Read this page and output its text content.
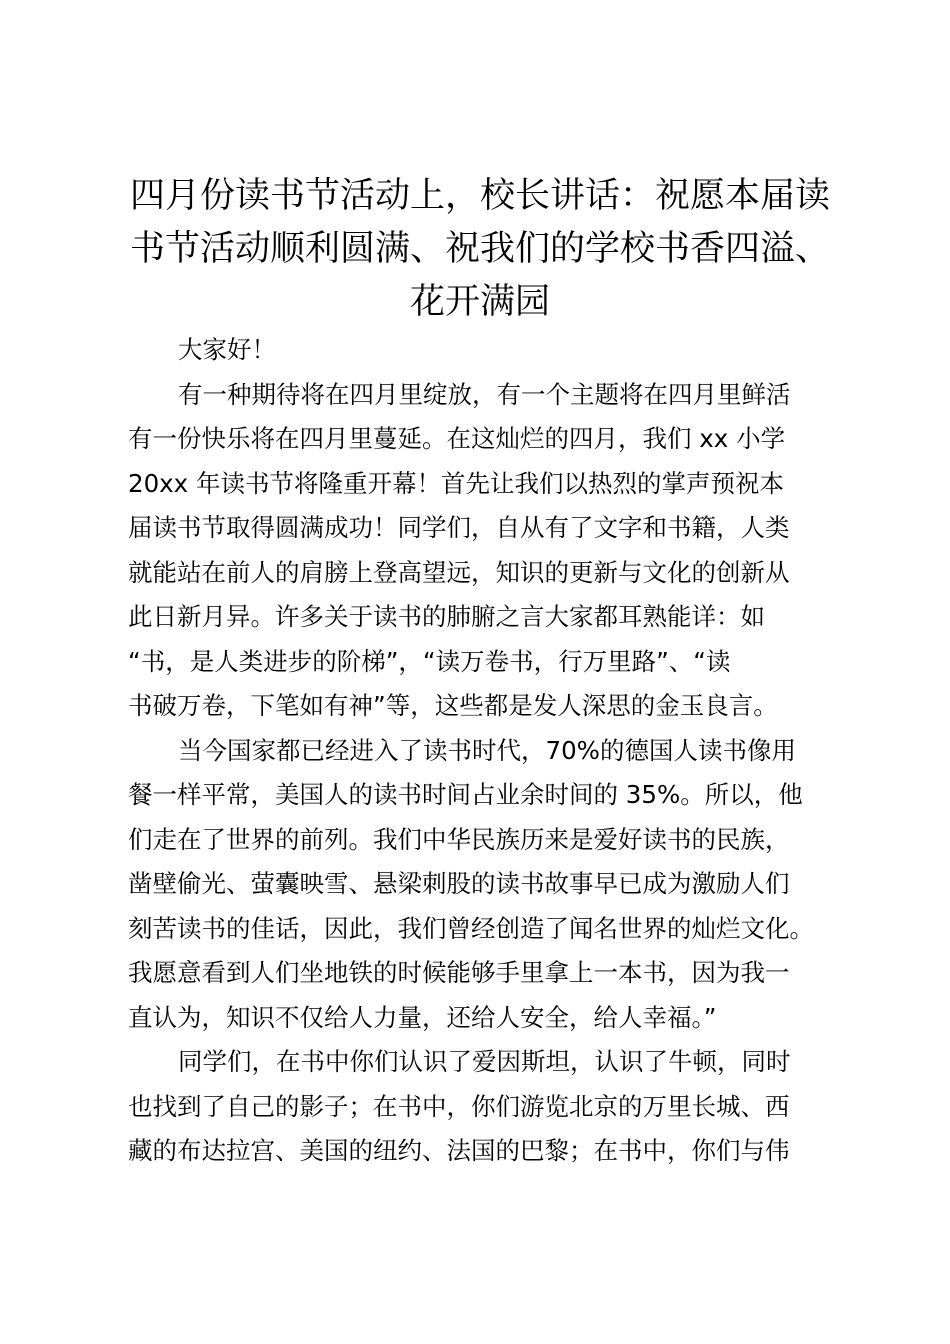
四月份读书节活动上，校长讲话：祝愿本届读
书节活动顺利圆满、祝我们的学校书香四溢、
花开满园

大家好！

有一种期待将在四月里绽放，有一个主题将在四月里鲜活
有一份快乐将在四月里蔓延。在这灿烂的四月，我们 xx 小学
20xx 年读书节将隆重开幕！首先让我们以热烈的掌声预祝本
届读书节取得圆满成功！同学们，自从有了文字和书籍，人类
就能站在前人的肩膀上登高望远，知识的更新与文化的创新从
此日新月异。许多关于读书的肺腑之言大家都耳熟能详：如
“书，是人类进步的阶梯”，“读万卷书，行万里路”、“读
书破万卷，下笔如有神”等，这些都是发人深思的金玉良言。

当今国家都已经进入了读书时代，70%的德国人读书像用
餐一样平常，美国人的读书时间占业余时间的 35%。所以，他
们走在了世界的前列。我们中华民族历来是爱好读书的民族，
凿壁偷光、萤囊映雪、悬梁刺股的读书故事早已成为激励人们
刻苦读书的佳话，因此，我们曾经创造了闻名世界的灿烂文化。
我愿意看到人们坐地铁的时候能够手里拿上一本书，因为我一
直认为，知识不仅给人力量，还给人安全，给人幸福。”

同学们，在书中你们认识了爱因斯坦，认识了牛顿，同时
也找到了自己的影子；在书中，你们游览北京的万里长城、西
藏的布达拉宫、美国的纽约、法国的巴黎；在书中，你们与伟
